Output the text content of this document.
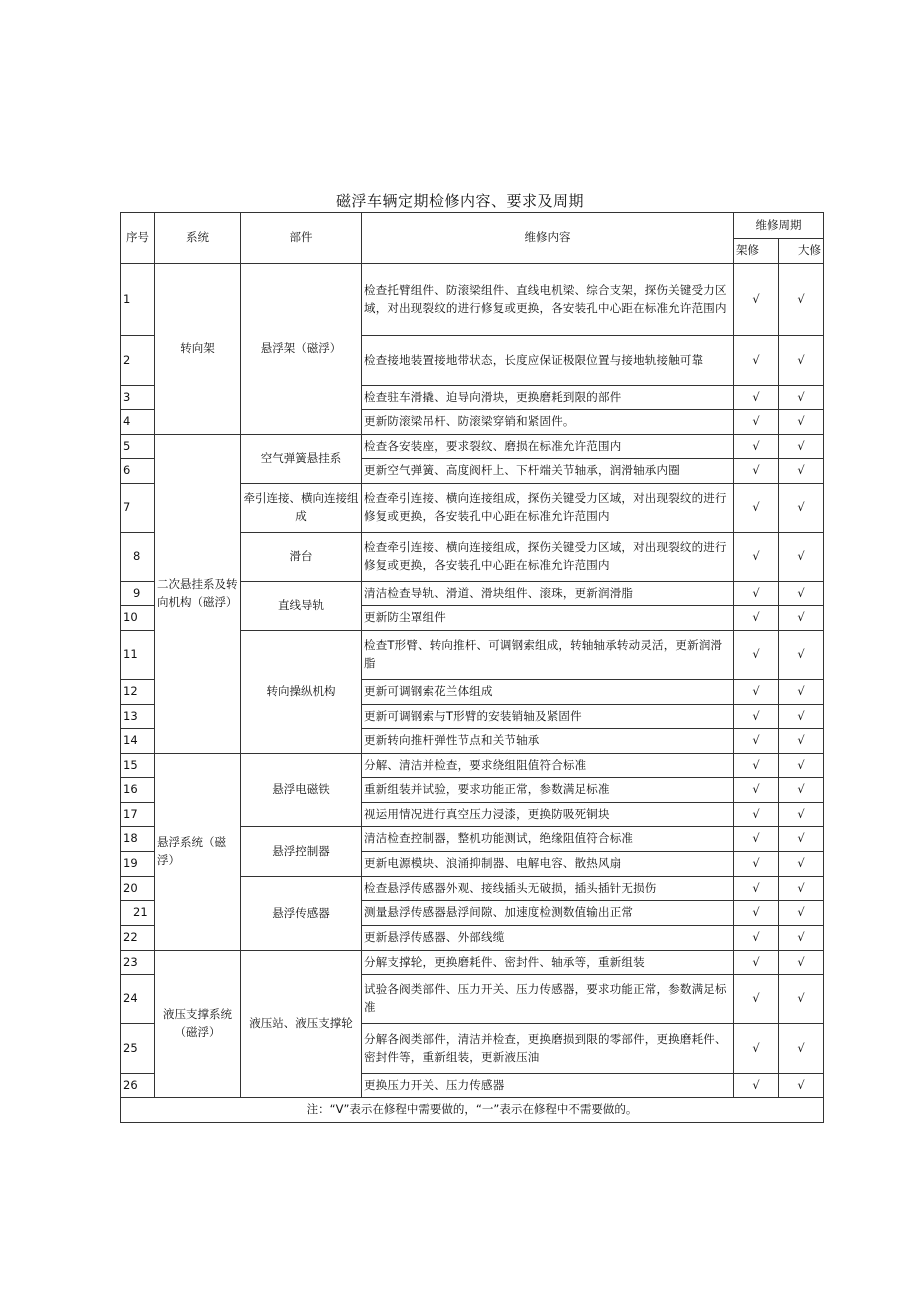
磁浮车辆定期检修内容、要求及周期
序号	系统	部件	维修内容	维修周期	
				架修	大修
1	转向架	悬浮架（磁浮）	检查托臂组件、防滚梁组件、直线电机梁、综合支架，探伤关键受力区域，对出现裂纹的进行修复或更换，各安装孔中心距在标准允许范围内	√	√
2			检查接地装置接地带状态，长度应保证极限位置与接地轨接触可靠	√	√
3			检查驻车滑撬、迫导向滑块，更换磨耗到限的部件	√	√
4			更新防滚梁吊杆、防滚梁穿销和紧固件。	√	√
5	二次悬挂系及转向机构（磁浮）	空气弹簧悬挂系	检查各安装座，要求裂纹、磨损在标准允许范围内	√	√
6			更新空气弹簧、高度阀杆上、下杆端关节轴承，润滑轴承内圈	√	√
7		牵引连接、横向连接组成	检查牵引连接、横向连接组成，探伤关键受力区域，对出现裂纹的进行修复或更换，各安装孔中心距在标准允许范围内	√	√
8		滑台	检查牵引连接、横向连接组成，探伤关键受力区域，对出现裂纹的进行修复或更换，各安装孔中心距在标准允许范围内	√	√
9		直线导轨	清洁检查导轨、滑道、滑块组件、滚珠，更新润滑脂	√	√
10			更新防尘罩组件	√	√
11		转向操纵机构	检查T形臂、转向推杆、可调钢索组成，转轴轴承转动灵活，更新润滑脂	√	√
12			更新可调钢索花兰体组成	√	√
13			更新可调钢索与T形臂的安装销轴及紧固件	√	√
14			更新转向推杆弹性节点和关节轴承	√	√
15	悬浮系统（磁浮）	悬浮电磁铁	分解、清洁并检查，要求绕组阻值符合标准	√	√
16			重新组装并试验，要求功能正常，参数满足标准	√	√
17			视运用情况进行真空压力浸漆，更换防吸死铜块	√	√
18		悬浮控制器	清洁检查控制器，整机功能测试，绝缘阻值符合标准	√	√
19			更新电源模块、浪涌抑制器、电解电容、散热风扇	√	√
20		悬浮传感器	检查悬浮传感器外观、接线插头无破损，插头插针无损伤	√	√
21			测量悬浮传感器悬浮间隙、加速度检测数值输出正常	√	√
22			更新悬浮传感器、外部线缆	√	√
23	液压支撑系统（磁浮）	液压站、液压支撑轮	分解支撑轮，更换磨耗件、密封件、轴承等，重新组装	√	√
24			试验各阀类部件、压力开关、压力传感器，要求功能正常，参数满足标准	√	√
25			分解各阀类部件，清洁并检查，更换磨损到限的零部件，更换磨耗件、密封件等，重新组装，更新液压油	√	√
26			更换压力开关、压力传感器	√	√
注：“V”表示在修程中需要做的，“一”表示在修程中不需要做的。					
